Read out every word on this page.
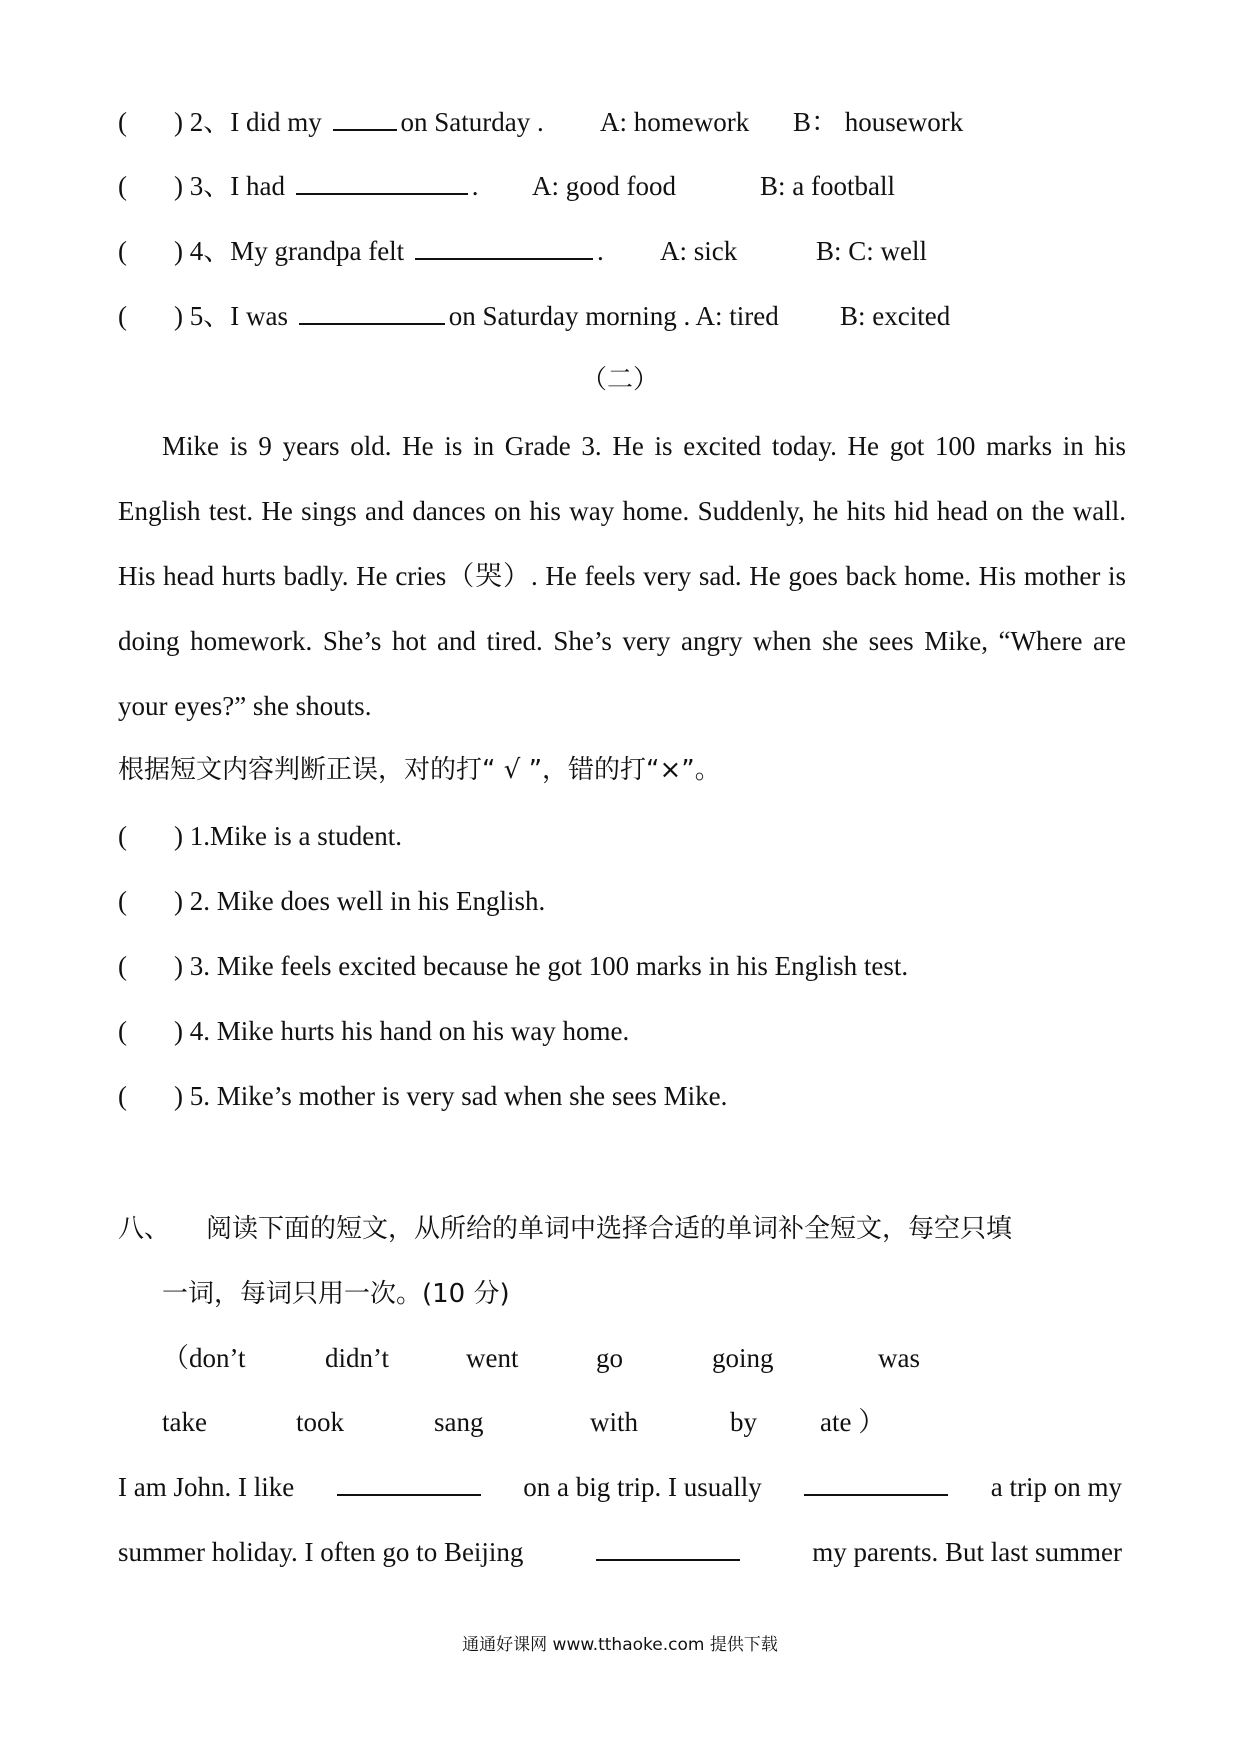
( ) 2、I did my	on Saturday . A: homework B： housework
( ) 3、I had	. A: good food	B: a football
( ) 4、My grandpa felt	. A: sick	B: C: well
( ) 5、I was	on Saturday morning . A: tired B: excited
（二）
Mike is 9 years old. He is in Grade 3. He is excited today. He got 100 marks in his English test. He sings and dances on his way home. Suddenly, he hits hid head on the wall. His head hurts badly. He cries（哭）. He feels very sad. He goes back home. His mother is doing homework. She’s hot and tired. She’s very angry when she sees Mike, “Where are your eyes?” she shouts.
根据短文内容判断正误，对的打“ √ ”，错的打“×”。
( ) 1.Mike is a student.
( ) 2. Mike does well in his English.
( ) 3. Mike feels excited because he got 100 marks in his English test.
( ) 4. Mike hurts his hand on his way home.
( ) 5. Mike’s mother is very sad when she sees Mike.
八、 阅读下面的短文，从所给的单词中选择合适的单词补全短文，每空只填
一词，每词只用一次。(10 分)
（don’t	didn’t	went	go	going	was
take	took	sang	with	by ate ）
I am John. I like	on a big trip. I usually	a trip on my
summer holiday. I often go to Beijing	my parents. But last summer
通通好课网 www.tthaoke.com 提供下载
